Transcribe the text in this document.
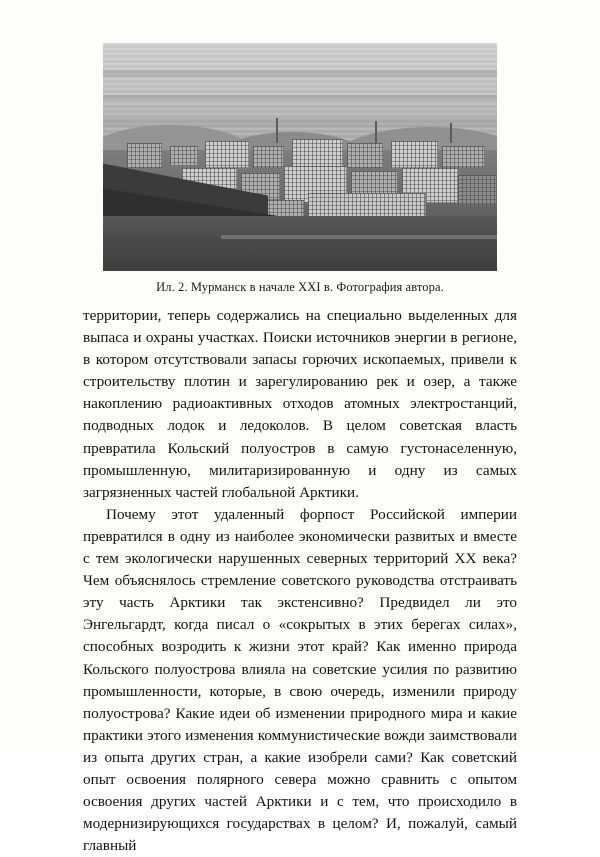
Ил. 2. Мурманск в начале XXI в. Фотография автора.

территории, теперь содержались на специально выделенных для выпаса и охраны участках. Поиски источников энергии в регионе, в котором отсутствовали запасы горючих ископаемых, привели к строительству плотин и зарегулированию рек и озер, а также накоплению радиоактивных отходов атомных электростанций, подводных лодок и ледоколов. В целом советская власть превратила Кольский полуостров в самую густонаселенную, промышленную, милитаризированную и одну из самых загрязненных частей глобальной Арктики.

Почему этот удаленный форпост Российской империи превратился в одну из наиболее экономически развитых и вместе с тем экологически нарушенных северных территорий XX века? Чем объяснялось стремление советского руководства отстраивать эту часть Арктики так экстенсивно? Предвидел ли это Энгельгардт, когда писал о «сокрытых в этих берегах силах», способных возродить к жизни этот край? Как именно природа Кольского полуострова влияла на советские усилия по развитию промышленности, которые, в свою очередь, изменили природу полуострова? Какие идеи об изменении природного мира и какие практики этого изменения коммунистические вожди заимствовали из опыта других стран, а какие изобрели сами? Как советский опыт освоения полярного севера можно сравнить с опытом освоения других частей Арктики и с тем, что происходило в модернизирующихся государствах в целом? И, пожалуй, самый главный
